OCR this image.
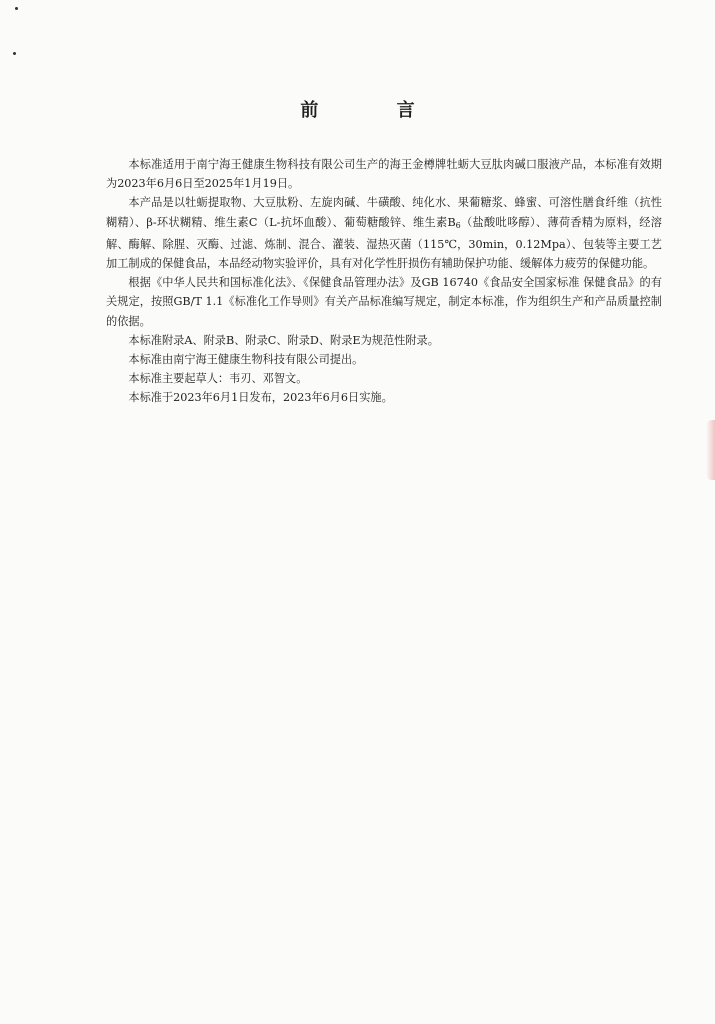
前 言

本标准适用于南宁海王健康生物科技有限公司生产的海王金樽牌牡蛎大豆肽肉碱口服液产品，本标准有效期为2023年6月6日至2025年1月19日。

本产品是以牡蛎提取物、大豆肽粉、左旋肉碱、牛磺酸、纯化水、果葡糖浆、蜂蜜、可溶性膳食纤维（抗性糊精）、β-环状糊精、维生素C（L-抗坏血酸）、葡萄糖酸锌、维生素$B_6$（盐酸吡哆醇）、薄荷香精为原料，经溶解、酶解、除腥、灭酶、过滤、炼制、混合、灌装、湿热灭菌（115℃，30min，0.12Mpa）、包装等主要工艺加工制成的保健食品，本品经动物实验评价，具有对化学性肝损伤有辅助保护功能、缓解体力疲劳的保健功能。

根据《中华人民共和国标准化法》、《保健食品管理办法》及GB 16740《食品安全国家标准 保健食品》的有关规定，按照GB/T 1.1《标准化工作导则》有关产品标准编写规定，制定本标准，作为组织生产和产品质量控制的依据。

本标准附录A、附录B、附录C、附录D、附录E为规范性附录。

本标准由南宁海王健康生物科技有限公司提出。

本标准主要起草人：韦刃、邓智文。

本标准于2023年6月1日发布，2023年6月6日实施。
